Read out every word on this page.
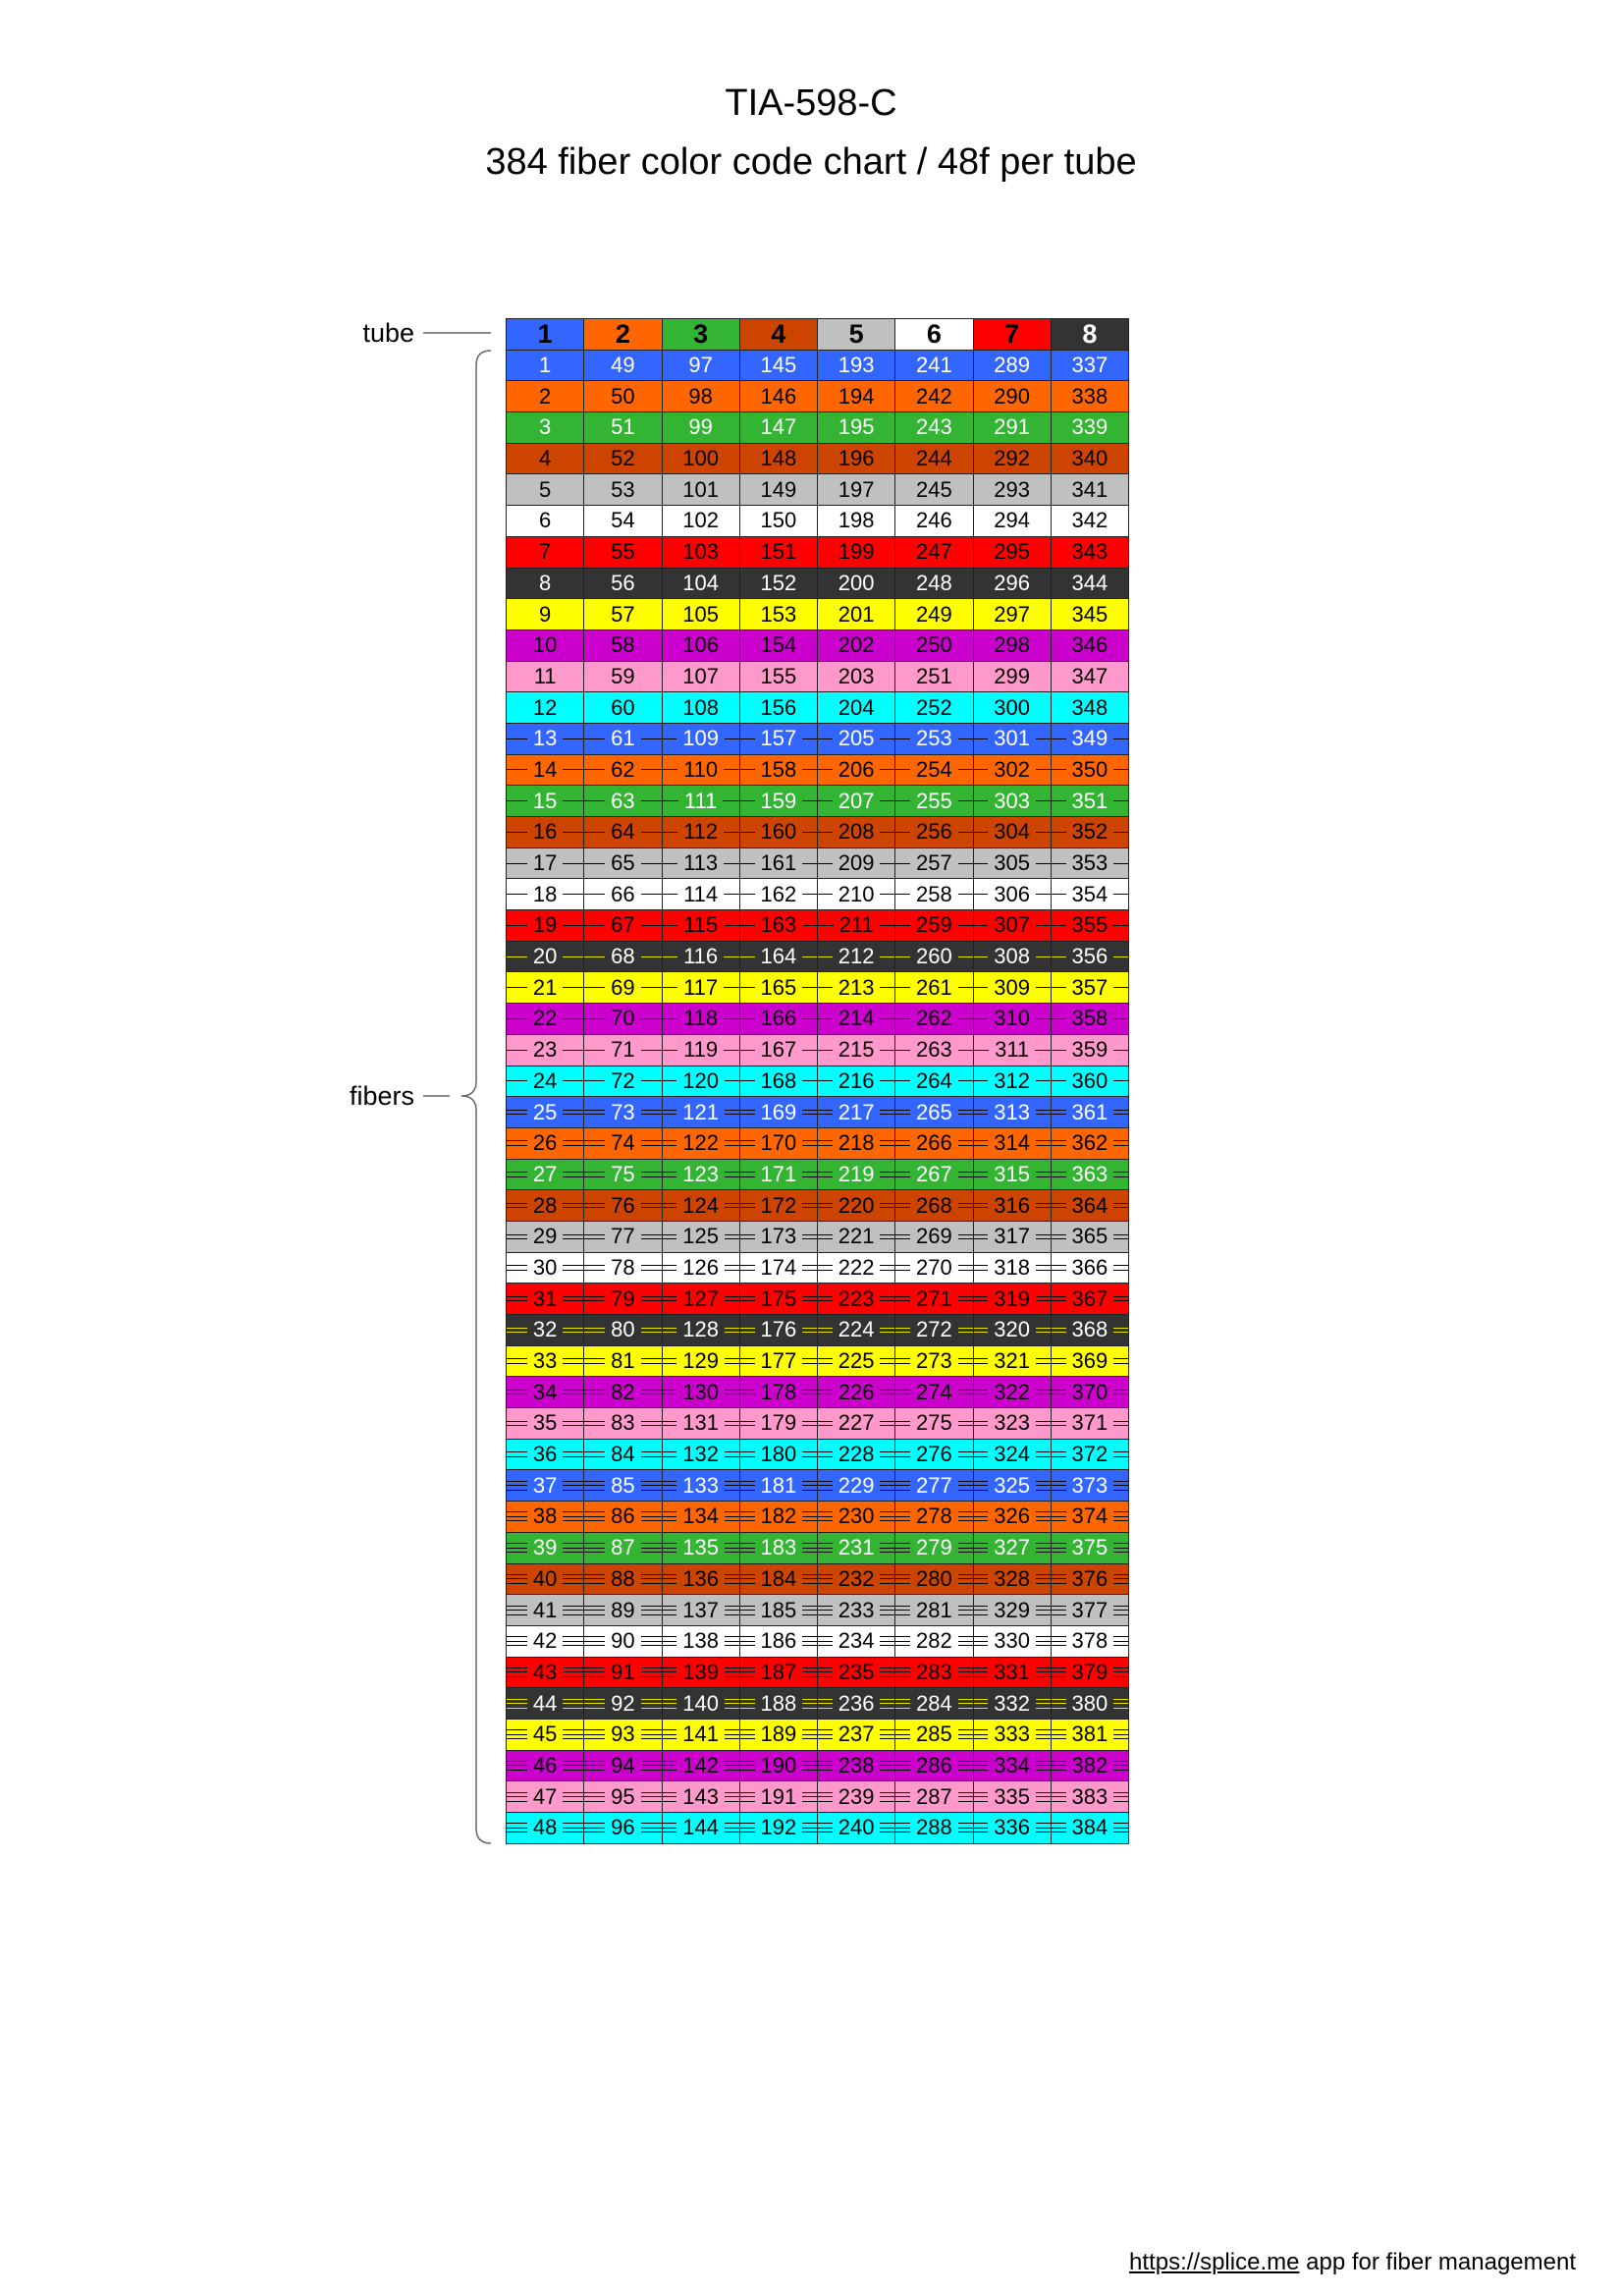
TIA-598-C
384 fiber color code chart / 48f per tube
tube
fibers
1 2 3 4 5 6 7 8
1	49 97 145 193 241 289 337
2	50 98 146 194 242 290 338
3	51 99 147 195 243 291 339
4	52 100 148 196 244 292 340
5	53 101 149 197 245 293 341
6	54 102 150 198 246 294 342
7	55 103 151 199 247 295 343
8	56 104 152 200 248 296 344
9	57 105 153 201 249 297 345
10 58 106 154 202 250 298 346
11	59 107 155 203 251 299 347
12 60 108 156 204 252 300 348
13 61 109 157 205 253 301 349
14 62 110 158 206 254 302 350
15 63 111 159 207 255 303 351
16 64 112 160 208 256 304 352
17 65 113 161 209 257 305 353
18 66 114 162 210 258 306 354
19 67 115 163 211 259 307 355
20 68 116 164 212 260 308 356
21 69 117 165 213 261 309 357
22 70 118 166 214 262 310 358
23 71 119 167 215 263 311 359
24 72 120 168 216 264 312 360
25 73 121 169 217 265 313 361
26 74 122 170 218 266 314 362
27 75 123 171 219 267 315 363
28 76 124 172 220 268 316 364
29 77 125 173 221 269 317 365
30 78 126 174 222 270 318 366
31 79 127 175 223 271 319 367
32 80 128 176 224 272 320 368
33 81 129 177 225 273 321 369
34 82 130 178 226 274 322 370
35 83 131 179 227 275 323 371
36 84 132 180 228 276 324 372
37 85 133 181 229 277 325 373
38 86 134 182 230 278 326 374
39 87 135 183 231 279 327 375
40 88 136 184 232 280 328 376
41 89 137 185 233 281 329 377
42 90 138 186 234 282 330 378
43 91 139 187 235 283 331 379
44 92 140 188 236 284 332 380
45 93 141 189 237 285 333 381
46 94 142 190 238 286 334 382
47 95 143 191 239 287 335 383
48 96 144 192 240 288 336 384
https://splice.me app for fiber management
